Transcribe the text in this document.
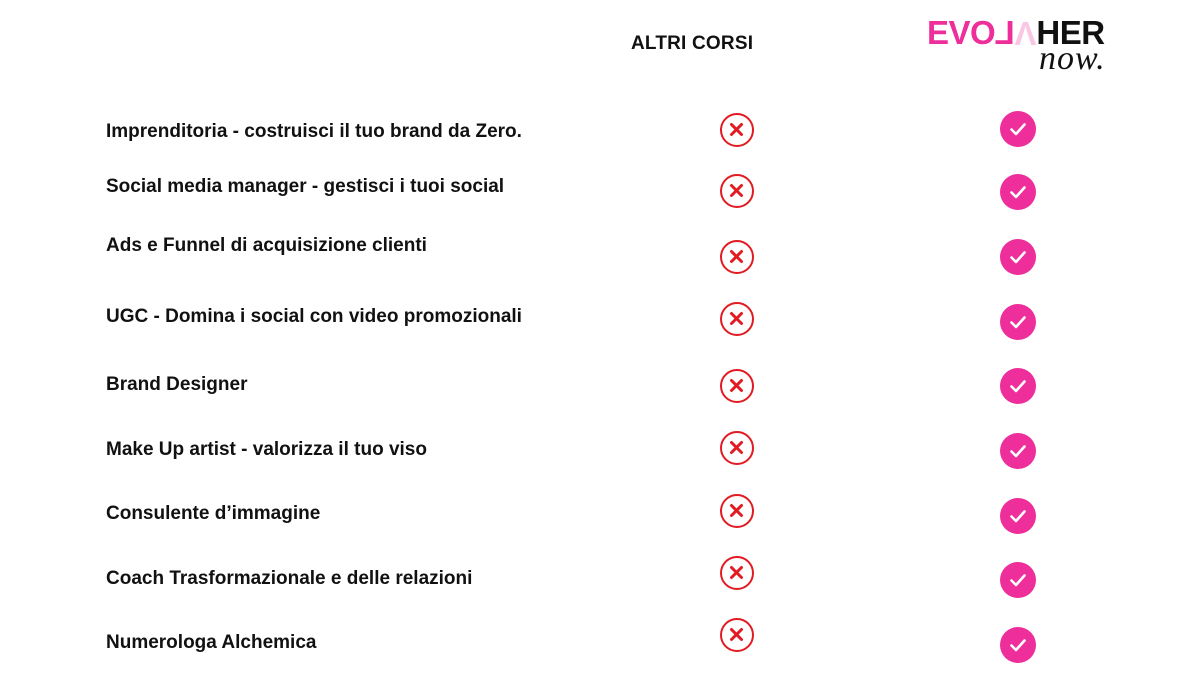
ALTRI CORSI	EVOLVHER
now.
Imprenditoria - costruisci il tuo brand da Zero.
Social media manager - gestisci i tuoi social
Ads e Funnel di acquisizione clienti
UGC - Domina i social con video promozionali
Brand Designer
Make Up artist - valorizza il tuo viso
Consulente d’immagine
Coach Trasformazionale e delle relazioni
Numerologa Alchemica
